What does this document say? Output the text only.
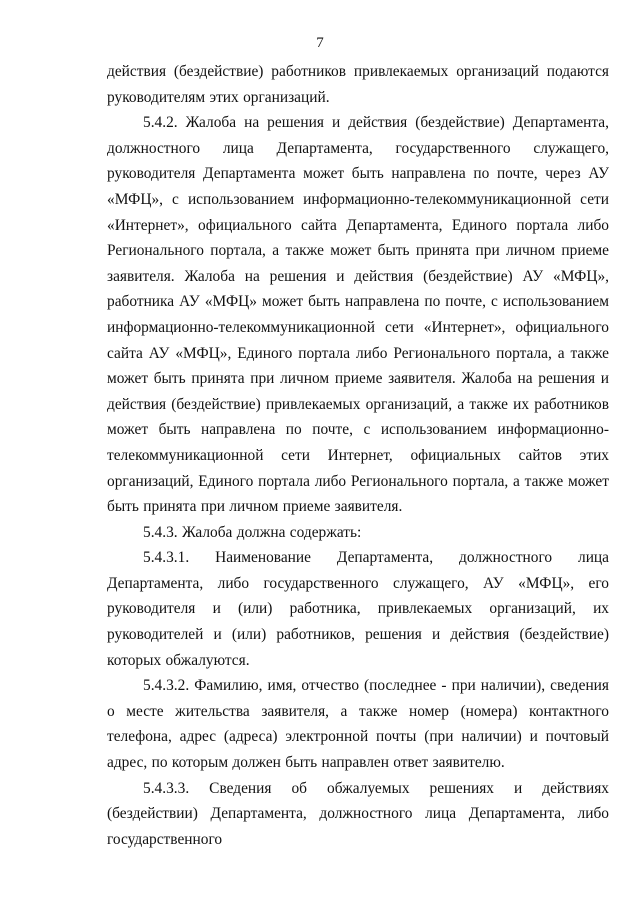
7

действия (бездействие) работников привлекаемых организаций подаются руководителям этих организаций.

5.4.2. Жалоба на решения и действия (бездействие) Департамента, должностного лица Департамента, государственного служащего, руководителя Департамента может быть направлена по почте, через АУ «МФЦ», с использованием информационно-телекоммуникационной сети «Интернет», официального сайта Департамента, Единого портала либо Регионального портала, а также может быть принята при личном приеме заявителя. Жалоба на решения и действия (бездействие) АУ «МФЦ», работника АУ «МФЦ» может быть направлена по почте, с использованием информационно-телекоммуникационной сети «Интернет», официального сайта АУ «МФЦ», Единого портала либо Регионального портала, а также может быть принята при личном приеме заявителя. Жалоба на решения и действия (бездействие) привлекаемых организаций, а также их работников может быть направлена по почте, с использованием информационно-телекоммуникационной сети Интернет, официальных сайтов этих организаций, Единого портала либо Регионального портала, а также может быть принята при личном приеме заявителя.

5.4.3. Жалоба должна содержать:

5.4.3.1. Наименование Департамента, должностного лица Департамента, либо государственного служащего, АУ «МФЦ», его руководителя и (или) работника, привлекаемых организаций, их руководителей и (или) работников, решения и действия (бездействие) которых обжалуются.

5.4.3.2. Фамилию, имя, отчество (последнее - при наличии), сведения о месте жительства заявителя, а также номер (номера) контактного телефона, адрес (адреса) электронной почты (при наличии) и почтовый адрес, по которым должен быть направлен ответ заявителю.

5.4.3.3. Сведения об обжалуемых решениях и действиях (бездействии) Департамента, должностного лица Департамента, либо государственного
